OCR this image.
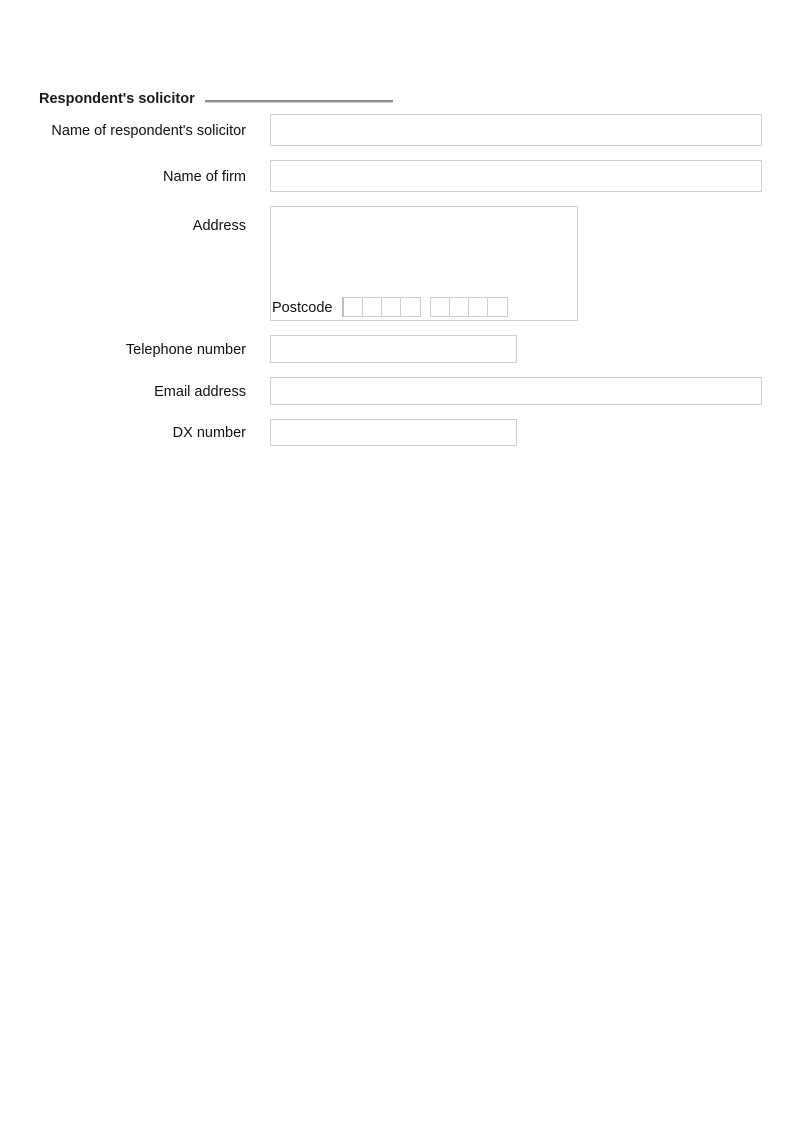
Respondent's solicitor
Name of respondent's solicitor
Name of firm
Address
Postcode
Telephone number
Email address
DX number
